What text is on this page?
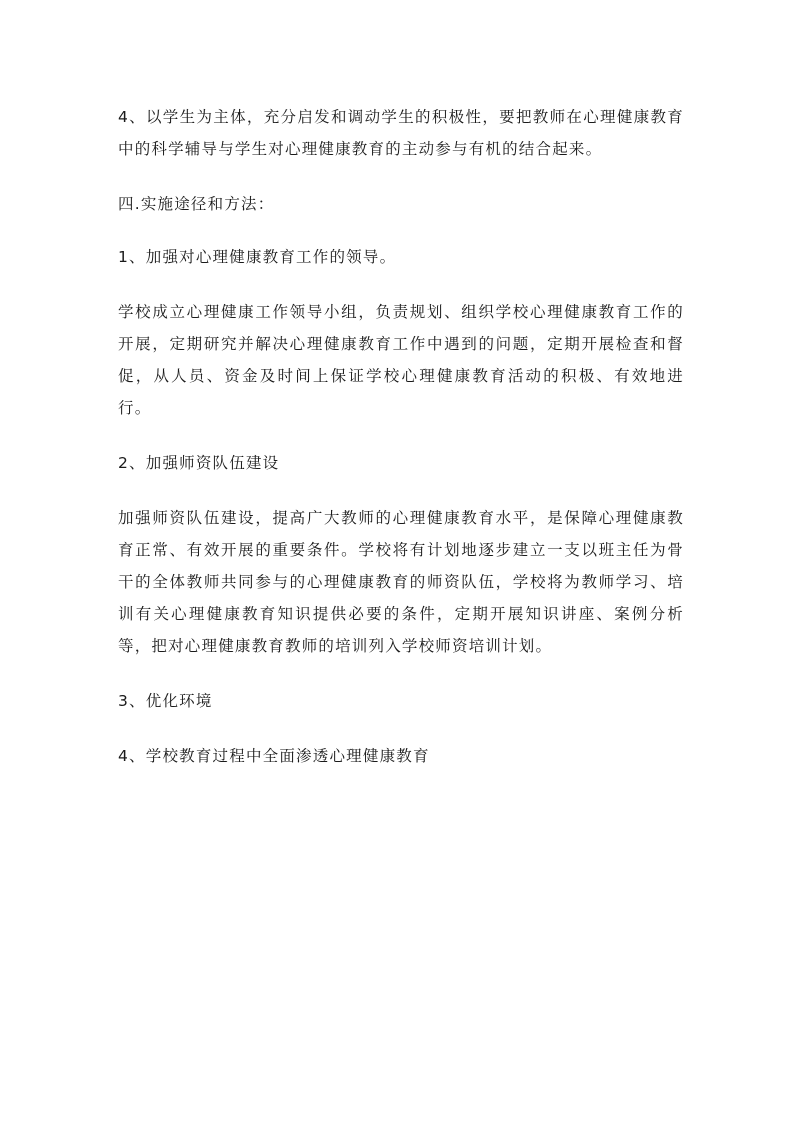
4、以学生为主体，充分启发和调动学生的积极性，要把教师在心理健康教育中的科学辅导与学生对心理健康教育的主动参与有机的结合起来。

四.实施途径和方法：

1、加强对心理健康教育工作的领导。

学校成立心理健康工作领导小组，负责规划、组织学校心理健康教育工作的开展，定期研究并解决心理健康教育工作中遇到的问题，定期开展检查和督促，从人员、资金及时间上保证学校心理健康教育活动的积极、有效地进行。

2、加强师资队伍建设

加强师资队伍建设，提高广大教师的心理健康教育水平，是保障心理健康教育正常、有效开展的重要条件。学校将有计划地逐步建立一支以班主任为骨干的全体教师共同参与的心理健康教育的师资队伍，学校将为教师学习、培训有关心理健康教育知识提供必要的条件，定期开展知识讲座、案例分析等，把对心理健康教育教师的培训列入学校师资培训计划。

3、优化环境

4、学校教育过程中全面渗透心理健康教育
